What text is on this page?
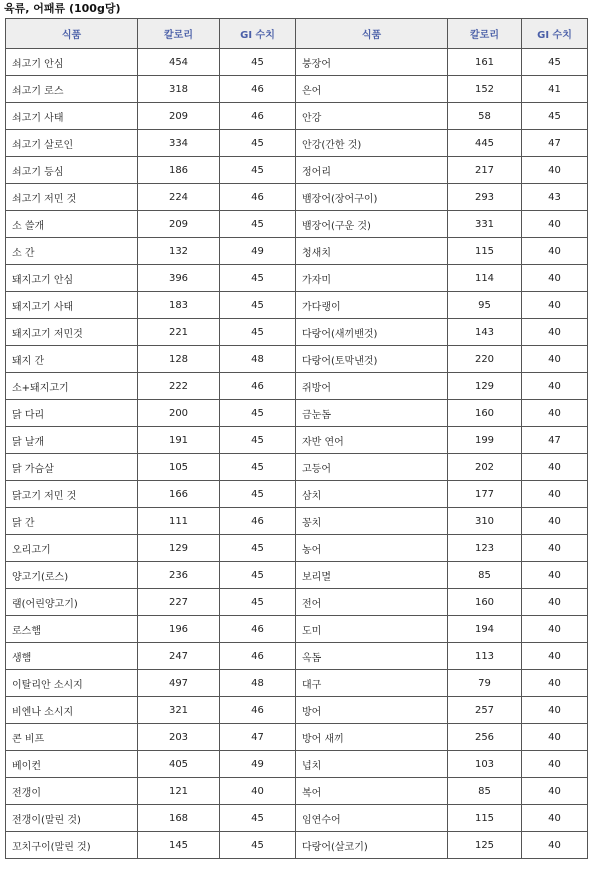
육류, 어패류 (100g당)
식품	칼로리	GI 수치	식품	칼로리	GI 수치
쇠고기 안심	454	45	붕장어	161	45
쇠고기 로스	318	46	은어	152	41
쇠고기 사태	209	46	안강	58	45
쇠고기 살로인	334	45	안강(간한 것)	445	47
쇠고기 등심	186	45	정어리	217	40
쇠고기 저민 것	224	46	뱀장어(장어구이)	293	43
소 쓸개	209	45	뱀장어(구운 것)	331	40
소 간	132	49	청새치	115	40
돼지고기 안심	396	45	가자미	114	40
돼지고기 사태	183	45	가다랭이	95	40
돼지고기 저민것	221	45	다랑어(새끼밴것)	143	40
돼지 간	128	48	다랑어(토막낸것)	220	40
소+돼지고기	222	46	쥐방어	129	40
닭 다리	200	45	금눈돔	160	40
닭 날개	191	45	자반 연어	199	47
닭 가슴살	105	45	고등어	202	40
닭고기 저민 것	166	45	삼치	177	40
닭 간	111	46	꽁치	310	40
오리고기	129	45	농어	123	40
양고기(로스)	236	45	보리멸	85	40
램(어린양고기)	227	45	전어	160	40
로스햄	196	46	도미	194	40
생햄	247	46	옥돔	113	40
이탈리안 소시지	497	48	대구	79	40
비엔나 소시지	321	46	방어	257	40
콘 비프	203	47	방어 새끼	256	40
베이컨	405	49	넙치	103	40
전갱이	121	40	복어	85	40
전갱이(말린 것)	168	45	임연수어	115	40
꼬치구이(말린 것)	145	45	다랑어(살코기)	125	40
